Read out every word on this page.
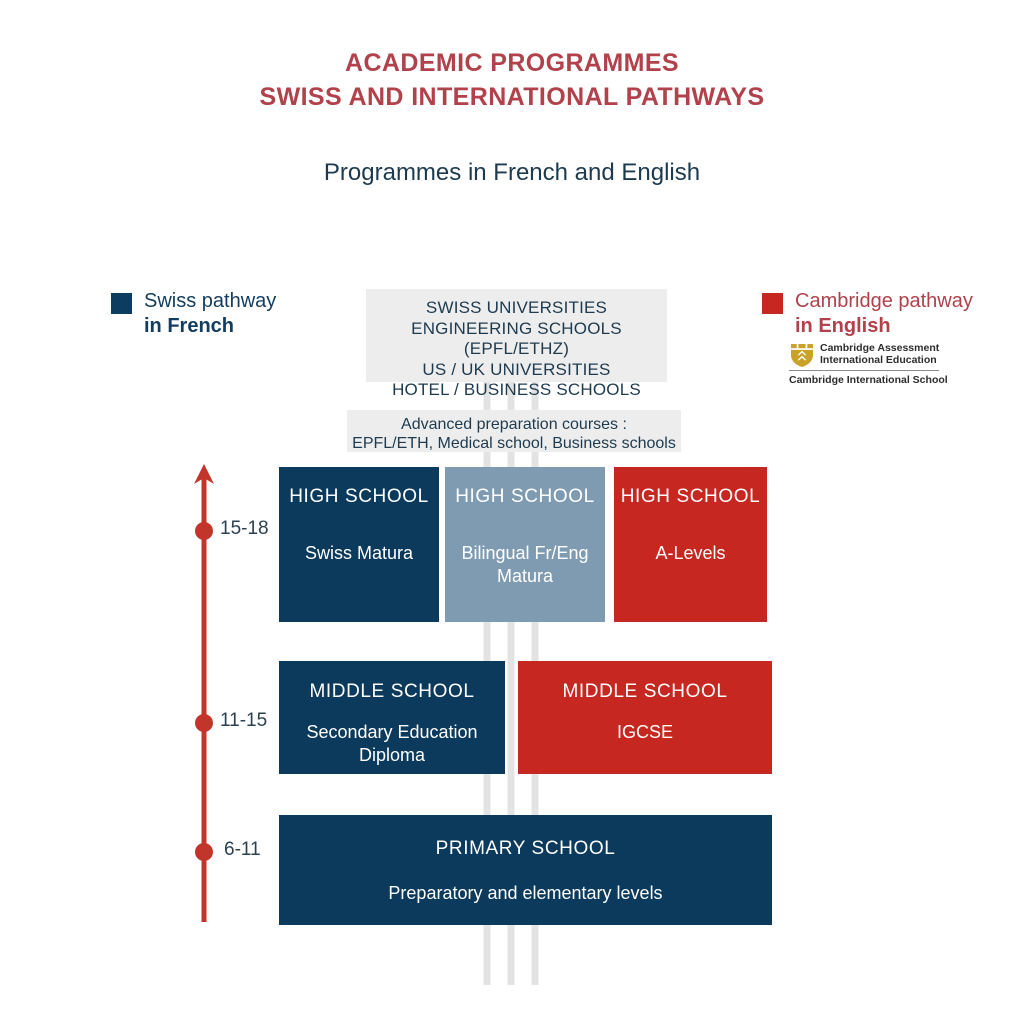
ACADEMIC PROGRAMMES
SWISS AND INTERNATIONAL PATHWAYS
Programmes in French and English
Swiss pathway
in French
Cambridge pathway
in English
Cambridge Assessment
International Education
Cambridge International School
SWISS UNIVERSITIES
ENGINEERING SCHOOLS (EPFL/ETHZ)
US / UK UNIVERSITIES
HOTEL / BUSINESS SCHOOLS
Advanced preparation courses :
EPFL/ETH, Medical school, Business schools
15-18
11-15
6-11
HIGH SCHOOL
Swiss Matura
HIGH SCHOOL
Bilingual Fr/Eng Matura
HIGH SCHOOL
A-Levels
MIDDLE SCHOOL
Secondary Education Diploma
MIDDLE SCHOOL
IGCSE
PRIMARY SCHOOL
Preparatory and elementary levels
